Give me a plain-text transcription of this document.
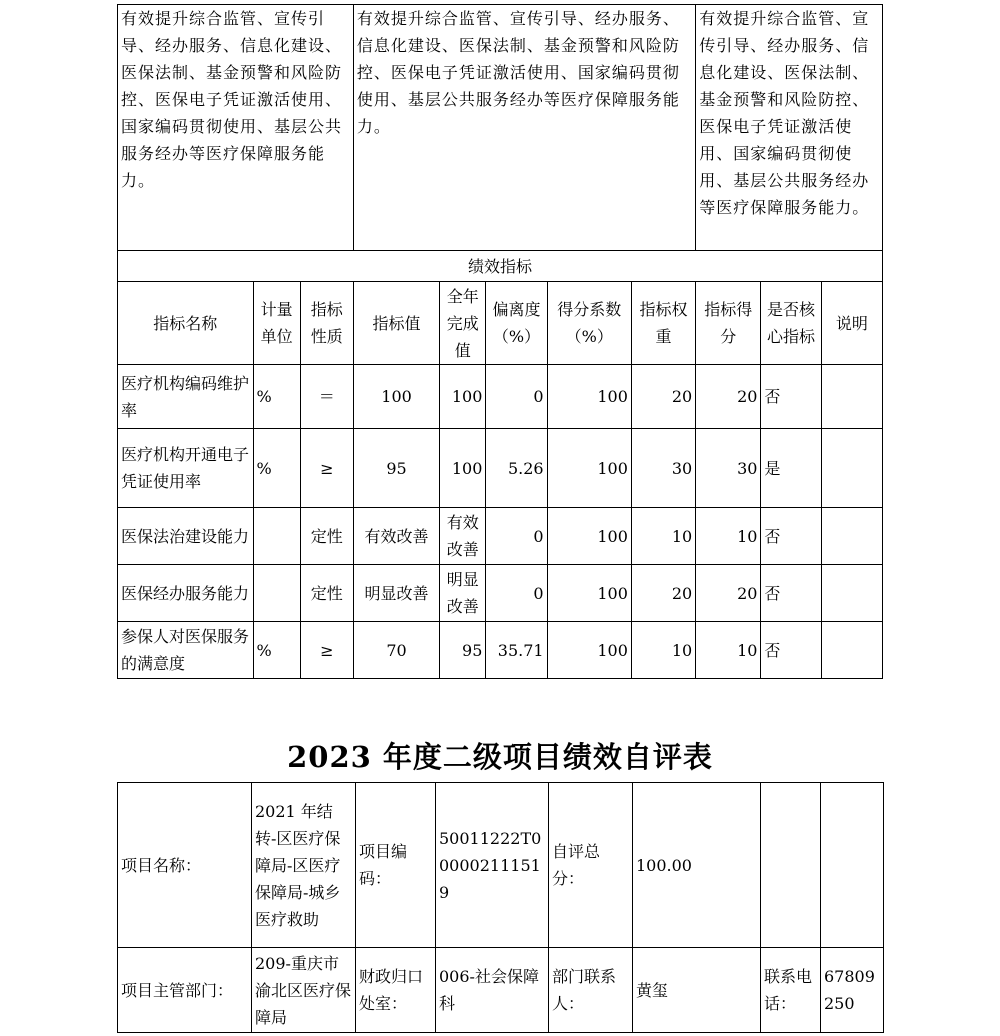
有效提升综合监管、宣传引导、经办服务、信息化建设、医保法制、基金预警和风险防控、医保电子凭证激活使用、国家编码贯彻使用、基层公共服务经办等医疗保障服务能力。			有效提升综合监管、宣传引导、经办服务、信息化建设、医保法制、基金预警和风险防控、医保电子凭证激活使用、国家编码贯彻使用、基层公共服务经办等医疗保障服务能力。					有效提升综合监管、宣传引导、经办服务、信息化建设、医保法制、基金预警和风险防控、医保电子凭证激活使用、国家编码贯彻使用、基层公共服务经办等医疗保障服务能力。		
绩效指标										
指标名称	计量单位	指标性质	指标值	全年完成值	偏离度（%）	得分系数（%）	指标权重	指标得分	是否核心指标	说明
医疗机构编码维护率	%	＝	100	100	0	100	20	20	否	
医疗机构开通电子凭证使用率	%	≥	95	100	5.26	100	30	30	是	
医保法治建设能力		定性	有效改善	有效改善	0	100	10	10	否	
医保经办服务能力		定性	明显改善	明显改善	0	100	20	20	否	
参保人对医保服务的满意度	%	≥	70	95	35.71	100	10	10	否	
2023 年度二级项目绩效自评表
项目名称：	2021 年结转-区医疗保障局-区医疗保障局-城乡医疗救助	项目编码：	50011222T000002111519	自评总分：	100.00		
项目主管部门：	209-重庆市渝北区医疗保障局	财政归口处室：	006-社会保障科	部门联系人：	黄玺	联系电话：	67809250
